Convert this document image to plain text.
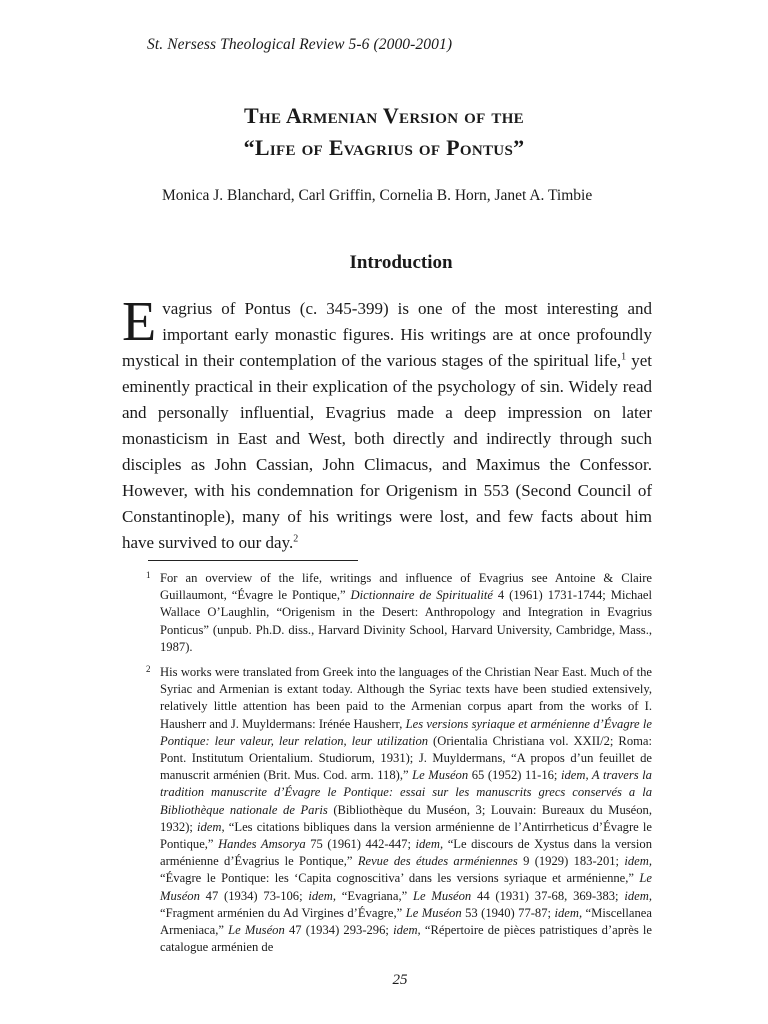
St. Nersess Theological Review 5-6 (2000-2001)
The Armenian Version of the
“Life of Evagrius of Pontus”
Monica J. Blanchard, Carl Griffin, Cornelia B. Horn, Janet A. Timbie
Introduction
E vagrius of Pontus (c. 345-399) is one of the most interesting and important early monastic figures. His writings are at once profoundly mystical in their contemplation of the various stages of the spiritual life,$^1$ yet eminently practical in their explication of the psychology of sin. Widely read and personally influential, Evagrius made a deep impression on later monasticism in East and West, both directly and indirectly through such disciples as John Cassian, John Climacus, and Maximus the Confessor. However, with his condemnation for Origenism in 553 (Second Council of Constantinople), many of his writings were lost, and few facts about him have survived to our day.$^2$
1 For an overview of the life, writings and influence of Evagrius see Antoine & Claire Guillaumont, “Évagre le Pontique,” Dictionnaire de Spiritualité 4 (1961) 1731-1744; Michael Wallace O’Laughlin, “Origenism in the Desert: Anthropology and Integration in Evagrius Ponticus” (unpub. Ph.D. diss., Harvard Divinity School, Harvard University, Cambridge, Mass., 1987).
2 His works were translated from Greek into the languages of the Christian Near East. Much of the Syriac and Armenian is extant today. Although the Syriac texts have been studied extensively, relatively little attention has been paid to the Armenian corpus apart from the works of I. Hausherr and J. Muyldermans: Irénée Hausherr, Les versions syriaque et arménienne d’Évagre le Pontique: leur valeur, leur relation, leur utilization (Orientalia Christiana vol. XXII/2; Roma: Pont. Institutum Orientalium. Studiorum, 1931); J. Muyldermans, “A propos d’un feuillet de manuscrit arménien (Brit. Mus. Cod. arm. 118),” Le Muséon 65 (1952) 11-16; idem, A travers la tradition manuscrite d’Évagre le Pontique: essai sur les manuscrits grecs conservés a la Bibliothèque nationale de Paris (Bibliothèque du Muséon, 3; Louvain: Bureaux du Muséon, 1932); idem, “Les citations bibliques dans la version arménienne de l’Antirrheticus d’Évagre le Pontique,” Handes Amsorya 75 (1961) 442-447; idem, “Le discours de Xystus dans la version arménienne d’Évagrius le Pontique,” Revue des études arméniennes 9 (1929) 183-201; idem, “Évagre le Pontique: les ‘Capita cognoscitiva’ dans les versions syriaque et arménienne,” Le Muséon 47 (1934) 73-106; idem, “Evagriana,” Le Muséon 44 (1931) 37-68, 369-383; idem, “Fragment arménien du Ad Virgines d’Évagre,” Le Muséon 53 (1940) 77-87; idem, “Miscellanea Armeniaca,” Le Muséon 47 (1934) 293-296; idem, “Répertoire de pièces patristiques d’après le catalogue arménien de
25
